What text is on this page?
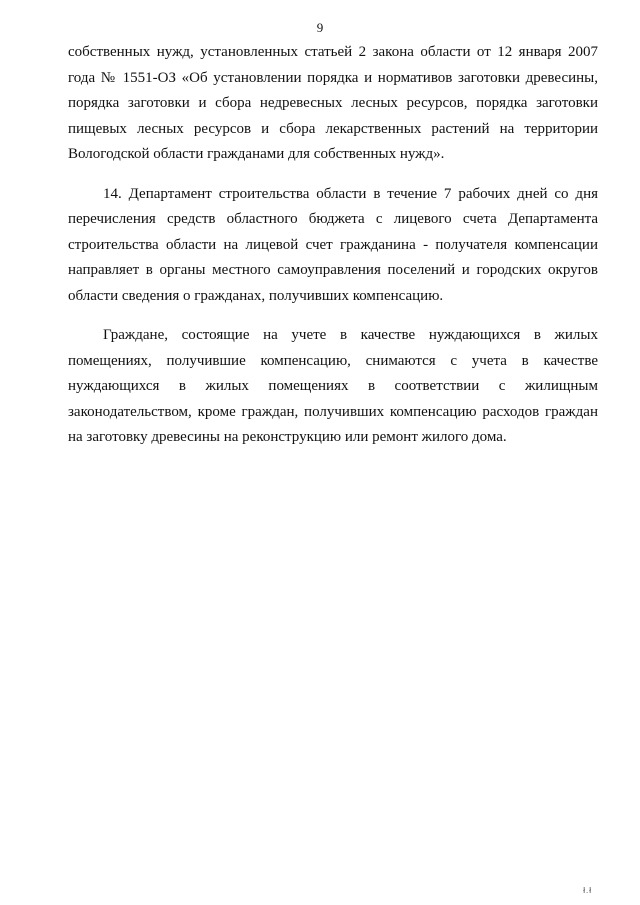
9

собственных нужд, установленных статьей 2 закона области от 12 января 2007 года № 1551-ОЗ «Об установлении порядка и нормативов заготовки древесины, порядка заготовки и сбора недревесных лесных ресурсов, порядка заготовки пищевых лесных ресурсов и сбора лекарственных растений на территории Вологодской области гражданами для собственных нужд».

14. Департамент строительства области в течение 7 рабочих дней со дня перечисления средств областного бюджета с лицевого счета Департамента строительства области на лицевой счет гражданина - получателя компенсации направляет в органы местного самоуправления поселений и городских округов области сведения о гражданах, получивших компенсацию.

Граждане, состоящие на учете в качестве нуждающихся в жилых помещениях, получившие компенсацию, снимаются с учета в качестве нуждающихся в жилых помещениях в соответствии с жилищным законодательством, кроме граждан, получивших компенсацию расходов граждан на заготовку древесины на реконструкцию или ремонт жилого дома.

ł.ł
